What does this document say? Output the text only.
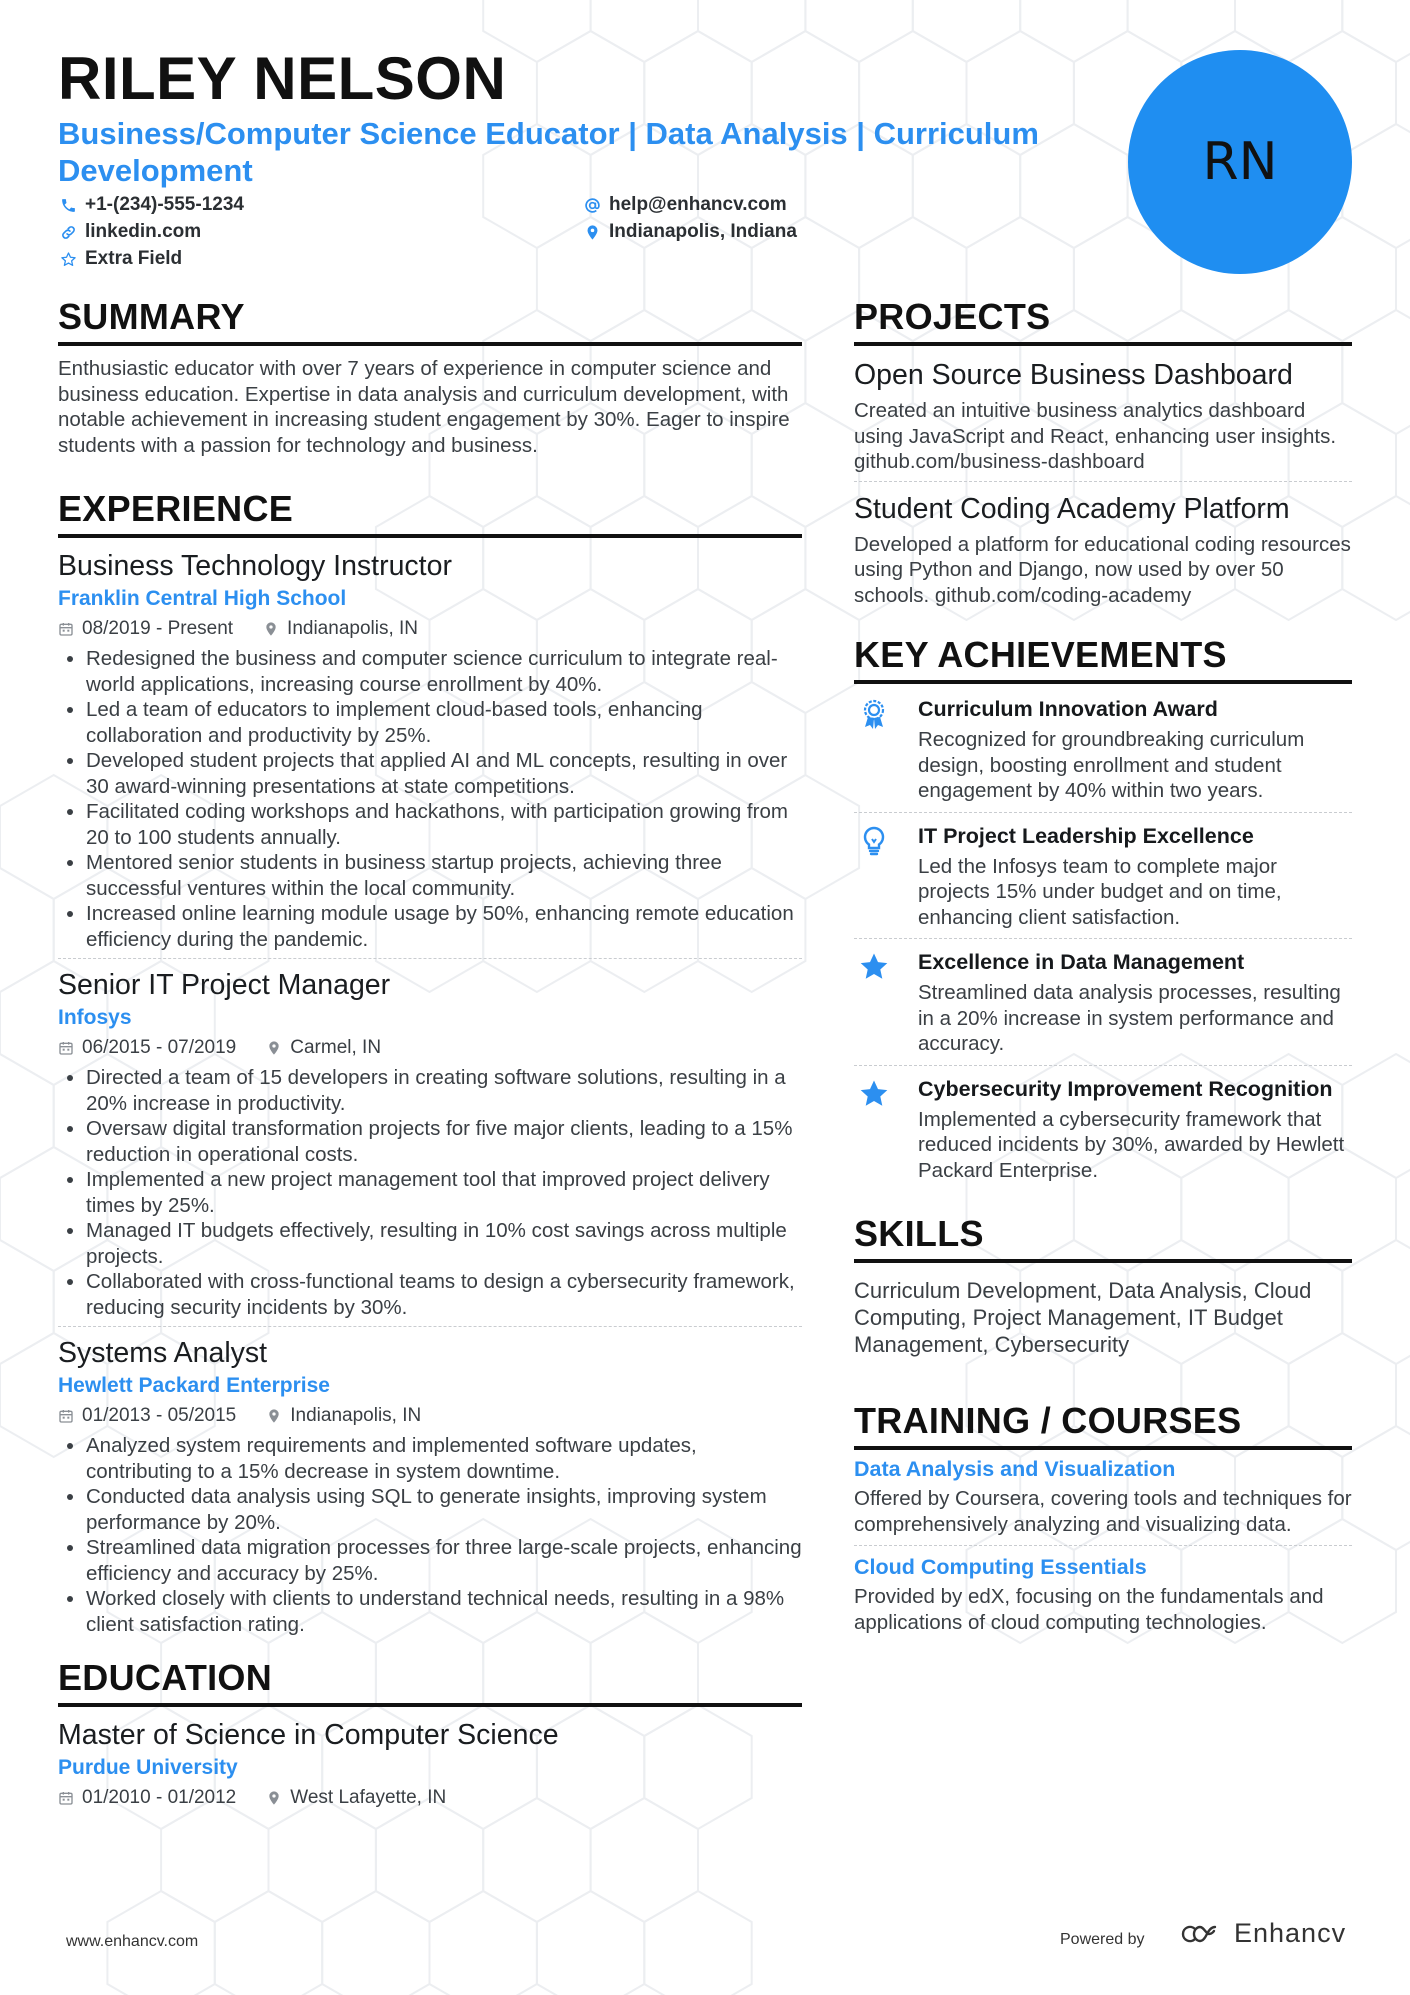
RILEY NELSON
Business/Computer Science Educator | Data Analysis | Curriculum Development
+1-(234)-555-1234	help@enhancv.com
linkedin.com	Indianapolis, Indiana
Extra Field
RN
SUMMARY
Enthusiastic educator with over 7 years of experience in computer science and business education. Expertise in data analysis and curriculum development, with notable achievement in increasing student engagement by 30%. Eager to inspire students with a passion for technology and business.
EXPERIENCE
Business Technology Instructor
Franklin Central High School
08/2019 - Present	Indianapolis, IN
• Redesigned the business and computer science curriculum to integrate real-world applications, increasing course enrollment by 40%.
• Led a team of educators to implement cloud-based tools, enhancing collaboration and productivity by 25%.
• Developed student projects that applied AI and ML concepts, resulting in over 30 award-winning presentations at state competitions.
• Facilitated coding workshops and hackathons, with participation growing from 20 to 100 students annually.
• Mentored senior students in business startup projects, achieving three successful ventures within the local community.
• Increased online learning module usage by 50%, enhancing remote education efficiency during the pandemic.
Senior IT Project Manager
Infosys
06/2015 - 07/2019	Carmel, IN
• Directed a team of 15 developers in creating software solutions, resulting in a 20% increase in productivity.
• Oversaw digital transformation projects for five major clients, leading to a 15% reduction in operational costs.
• Implemented a new project management tool that improved project delivery times by 25%.
• Managed IT budgets effectively, resulting in 10% cost savings across multiple projects.
• Collaborated with cross-functional teams to design a cybersecurity framework, reducing security incidents by 30%.
Systems Analyst
Hewlett Packard Enterprise
01/2013 - 05/2015	Indianapolis, IN
• Analyzed system requirements and implemented software updates, contributing to a 15% decrease in system downtime.
• Conducted data analysis using SQL to generate insights, improving system performance by 20%.
• Streamlined data migration processes for three large-scale projects, enhancing efficiency and accuracy by 25%.
• Worked closely with clients to understand technical needs, resulting in a 98% client satisfaction rating.
EDUCATION
Master of Science in Computer Science
Purdue University
01/2010 - 01/2012	West Lafayette, IN
PROJECTS
Open Source Business Dashboard
Created an intuitive business analytics dashboard using JavaScript and React, enhancing user insights. github.com/business-dashboard
Student Coding Academy Platform
Developed a platform for educational coding resources using Python and Django, now used by over 50 schools. github.com/coding-academy
KEY ACHIEVEMENTS
Curriculum Innovation Award
Recognized for groundbreaking curriculum design, boosting enrollment and student engagement by 40% within two years.
IT Project Leadership Excellence
Led the Infosys team to complete major projects 15% under budget and on time, enhancing client satisfaction.
Excellence in Data Management
Streamlined data analysis processes, resulting in a 20% increase in system performance and accuracy.
Cybersecurity Improvement Recognition
Implemented a cybersecurity framework that reduced incidents by 30%, awarded by Hewlett Packard Enterprise.
SKILLS
Curriculum Development, Data Analysis, Cloud Computing, Project Management, IT Budget Management, Cybersecurity
TRAINING / COURSES
Data Analysis and Visualization
Offered by Coursera, covering tools and techniques for comprehensively analyzing and visualizing data.
Cloud Computing Essentials
Provided by edX, focusing on the fundamentals and applications of cloud computing technologies.
www.enhancv.com	Powered by	Enhancv
